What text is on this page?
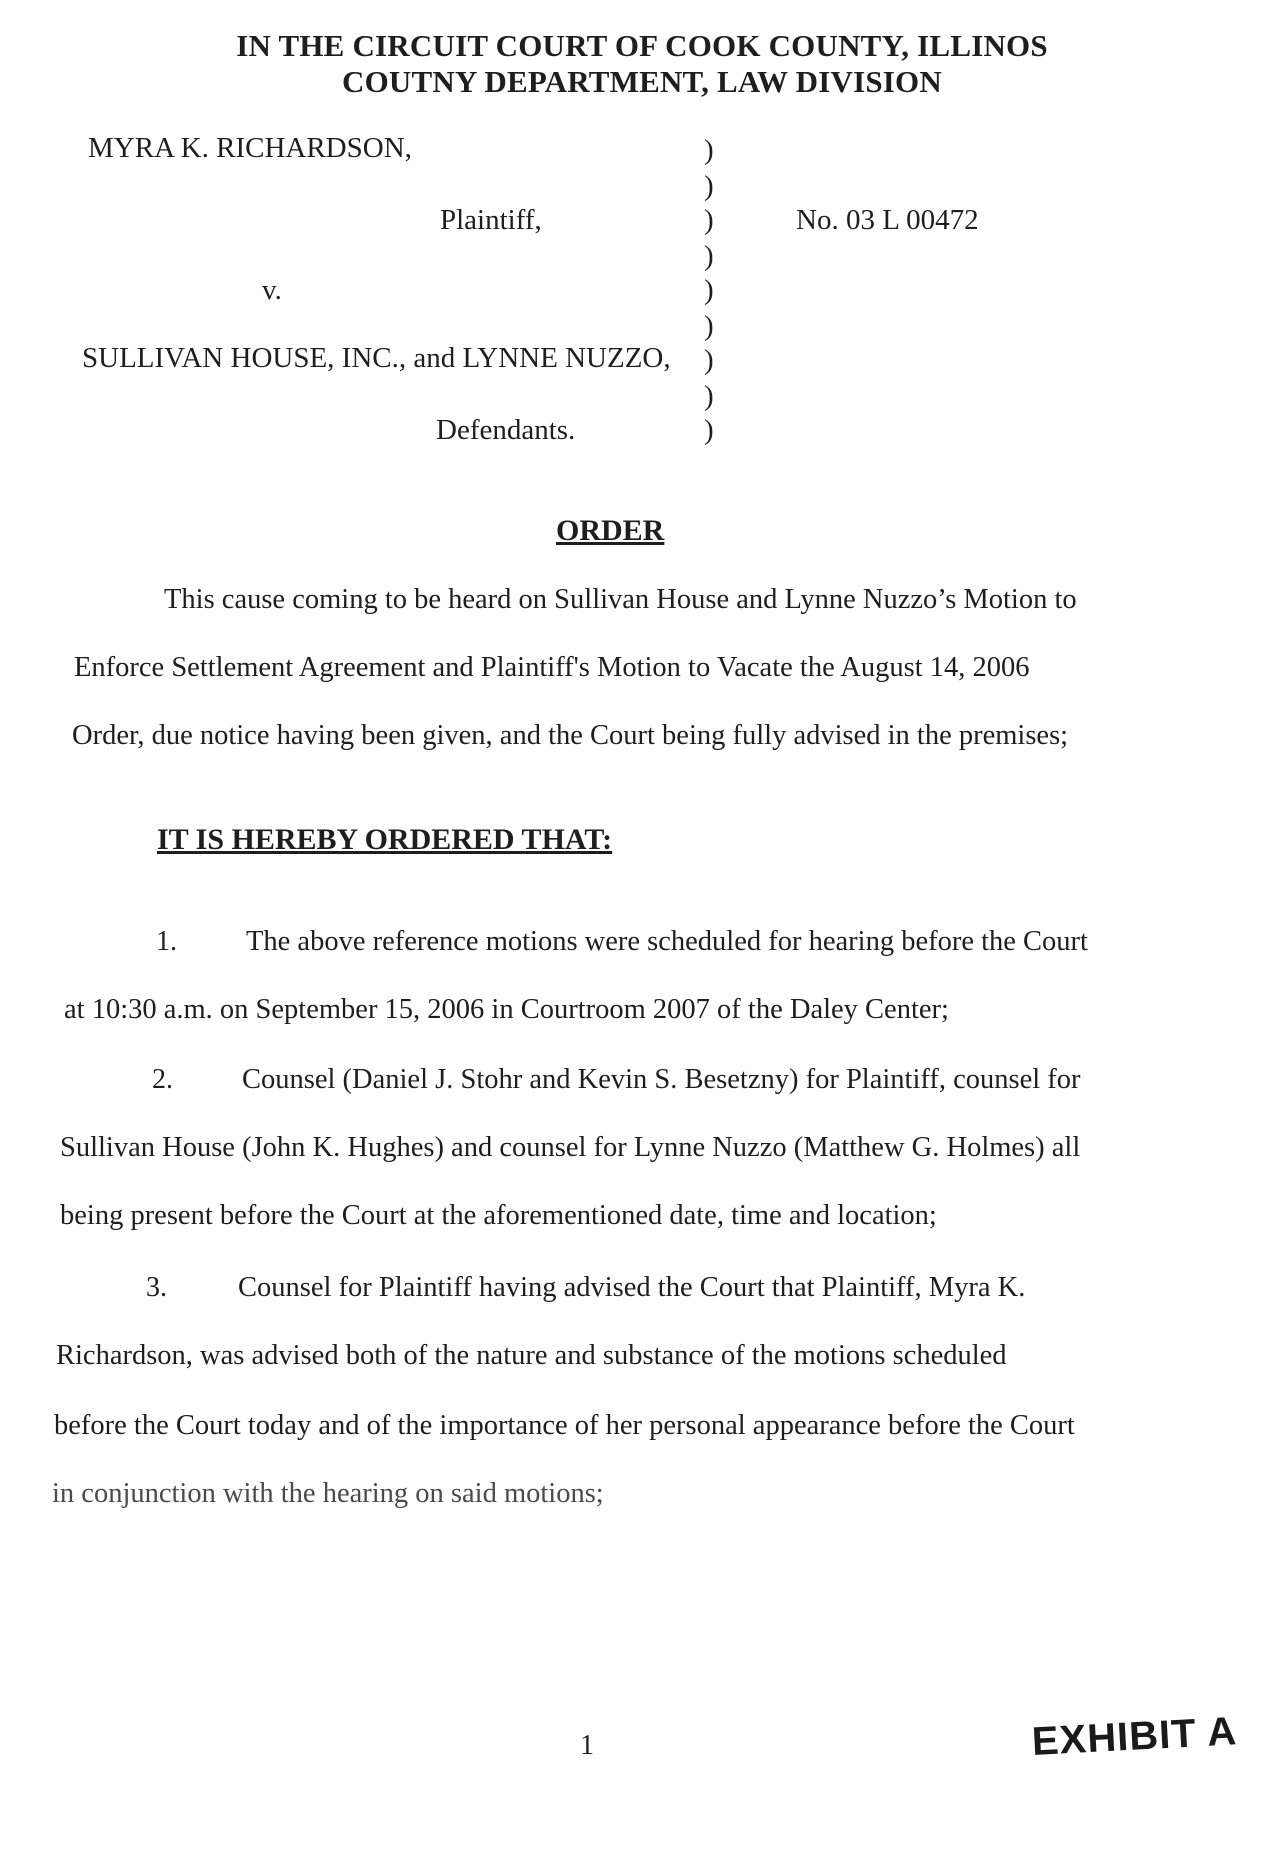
IN THE CIRCUIT COURT OF COOK COUNTY, ILLINOS
COUTNY DEPARTMENT, LAW DIVISION
MYRA K. RICHARDSON,
Plaintiff,
v.
SULLIVAN HOUSE, INC., and LYNNE NUZZO,
Defendants.
No. 03 L 00472
)
)
)
)
)
)
)
)
)
ORDER
This cause coming to be heard on Sullivan House and Lynne Nuzzo’s Motion to
Enforce Settlement Agreement and Plaintiff's Motion to Vacate the August 14, 2006
Order, due notice having been given, and the Court being fully advised in the premises;
IT IS HEREBY ORDERED THAT:
1. The above reference motions were scheduled for hearing before the Court
at 10:30 a.m. on September 15, 2006 in Courtroom 2007 of the Daley Center;
2. Counsel (Daniel J. Stohr and Kevin S. Besetzny) for Plaintiff, counsel for
Sullivan House (John K. Hughes) and counsel for Lynne Nuzzo (Matthew G. Holmes) all
being present before the Court at the aforementioned date, time and location;
3. Counsel for Plaintiff having advised the Court that Plaintiff, Myra K.
Richardson, was advised both of the nature and substance of the motions scheduled
before the Court today and of the importance of her personal appearance before the Court
in conjunction with the hearing on said motions;
1	EXHIBIT A
